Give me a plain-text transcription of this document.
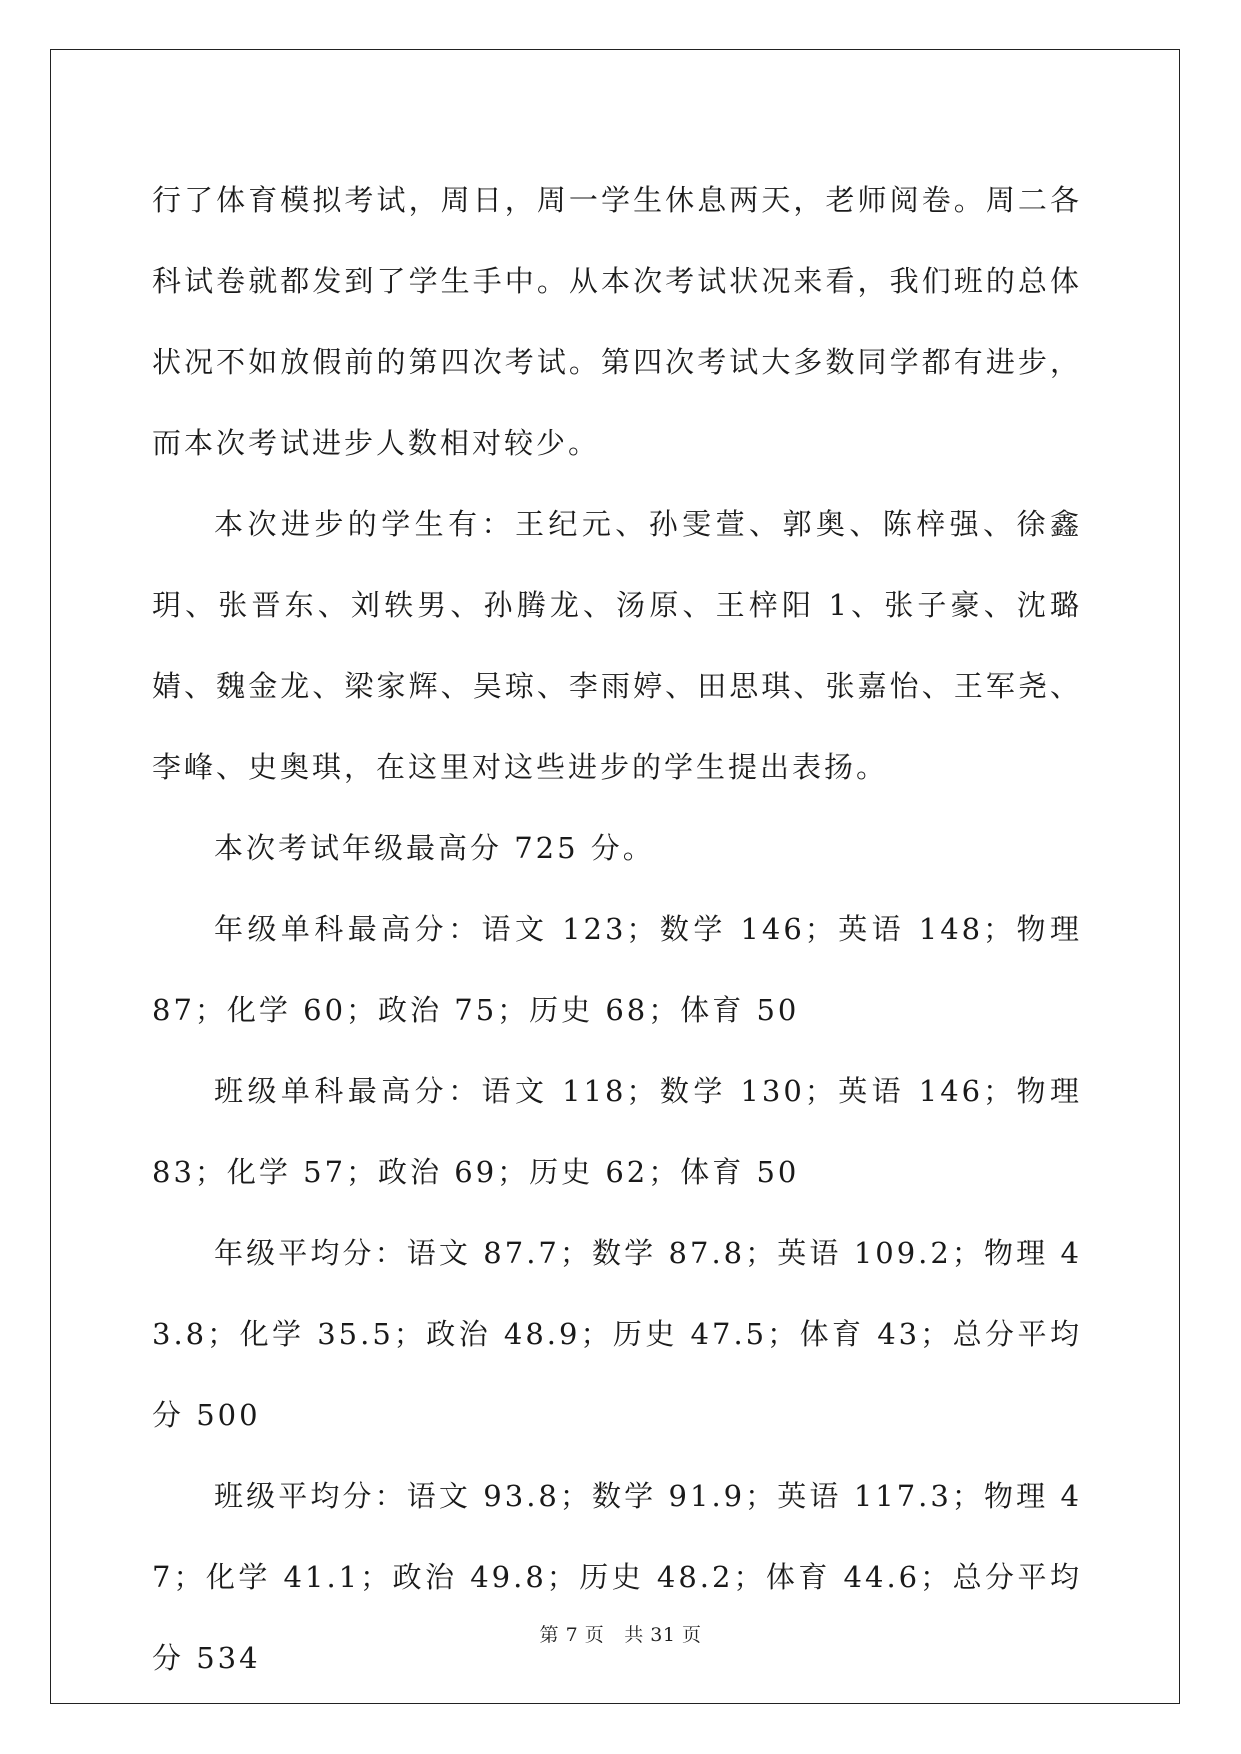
行了体育模拟考试，周日，周一学生休息两天，老师阅卷。周二各科试卷就都发到了学生手中。从本次考试状况来看，我们班的总体状况不如放假前的第四次考试。第四次考试大多数同学都有进步，而本次考试进步人数相对较少。

本次进步的学生有：王纪元、孙雯萱、郭奥、陈梓强、徐鑫玥、张晋东、刘轶男、孙腾龙、汤原、王梓阳 1、张子豪、沈璐婧、魏金龙、梁家辉、吴琼、李雨婷、田思琪、张嘉怡、王军尧、李峰、史奥琪，在这里对这些进步的学生提出表扬。

本次考试年级最高分 725 分。

年级单科最高分：语文 123；数学 146；英语 148；物理 87；化学 60；政治 75；历史 68；体育 50

班级单科最高分：语文 118；数学 130；英语 146；物理 83；化学 57；政治 69；历史 62；体育 50

年级平均分：语文 87.7；数学 87.8；英语 109.2；物理 43.8；化学 35.5；政治 48.9；历史 47.5；体育 43；总分平均分 500

班级平均分：语文 93.8；数学 91.9；英语 117.3；物理 47；化学 41.1；政治 49.8；历史 48.2；体育 44.6；总分平均分 534

第 7 页 共 31 页
